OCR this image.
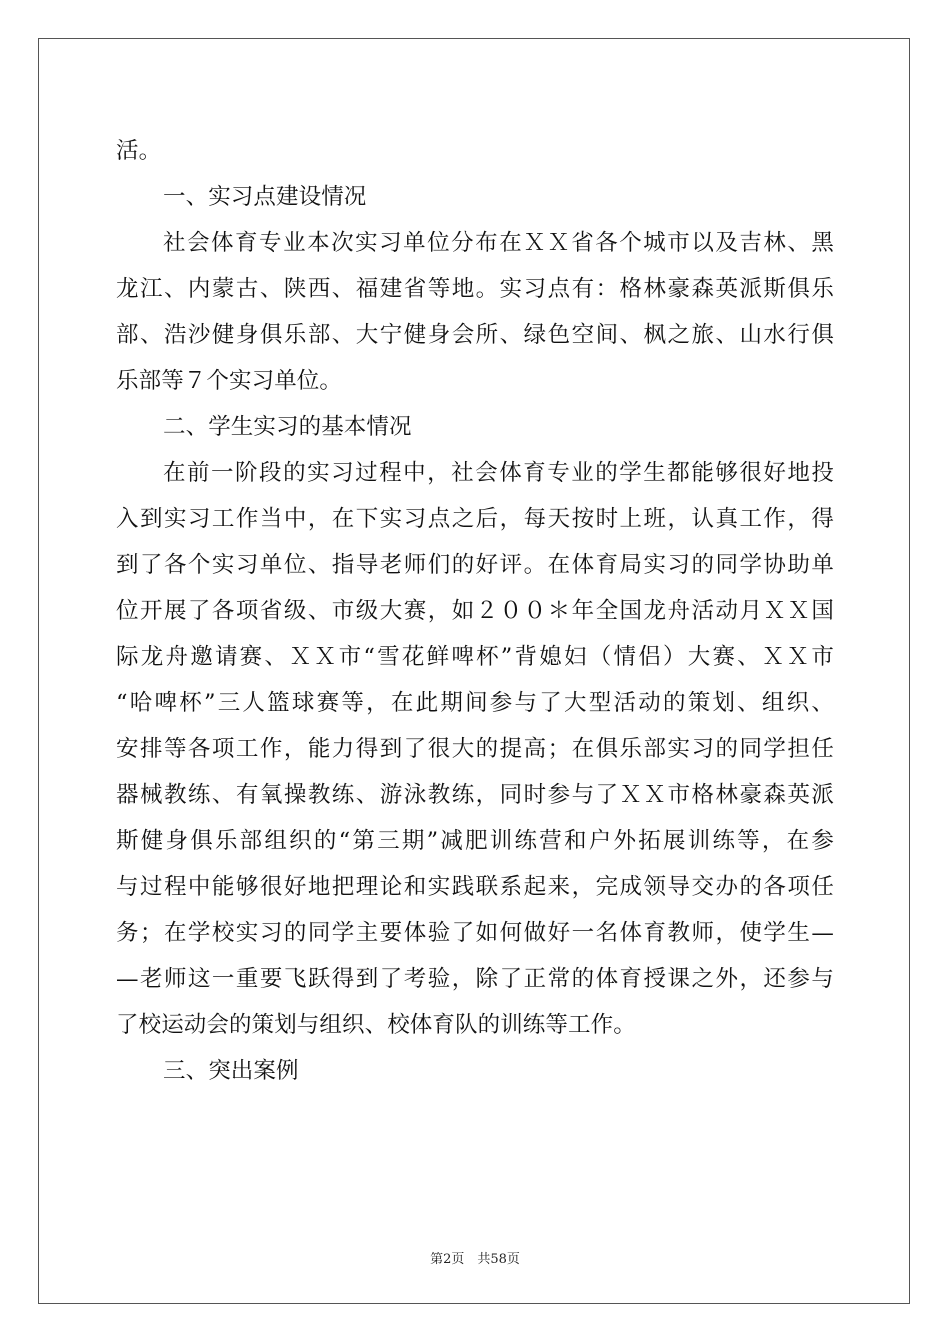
活。
一、实习点建设情况
社会体育专业本次实习单位分布在ＸＸ省各个城市以及吉林、黑
龙江、内蒙古、陕西、福建省等地。实习点有：格林豪森英派斯俱乐
部、浩沙健身俱乐部、大宁健身会所、绿色空间、枫之旅、山水行俱
乐部等７个实习单位。
二、学生实习的基本情况
在前一阶段的实习过程中，社会体育专业的学生都能够很好地投
入到实习工作当中，在下实习点之后，每天按时上班，认真工作，得
到了各个实习单位、指导老师们的好评。在体育局实习的同学协助单
位开展了各项省级、市级大赛，如２００＊年全国龙舟活动月ＸＸ国
际龙舟邀请赛、ＸＸ市“雪花鲜啤杯”背媳妇（情侣）大赛、ＸＸ市
“哈啤杯”三人篮球赛等，在此期间参与了大型活动的策划、组织、
安排等各项工作，能力得到了很大的提高；在俱乐部实习的同学担任
器械教练、有氧操教练、游泳教练，同时参与了ＸＸ市格林豪森英派
斯健身俱乐部组织的“第三期”减肥训练营和户外拓展训练等，在参
与过程中能够很好地把理论和实践联系起来，完成领导交办的各项任
务；在学校实习的同学主要体验了如何做好一名体育教师，使学生—
—老师这一重要飞跃得到了考验，除了正常的体育授课之外，还参与
了校运动会的策划与组织、校体育队的训练等工作。
三、突出案例
第2页　共58页
